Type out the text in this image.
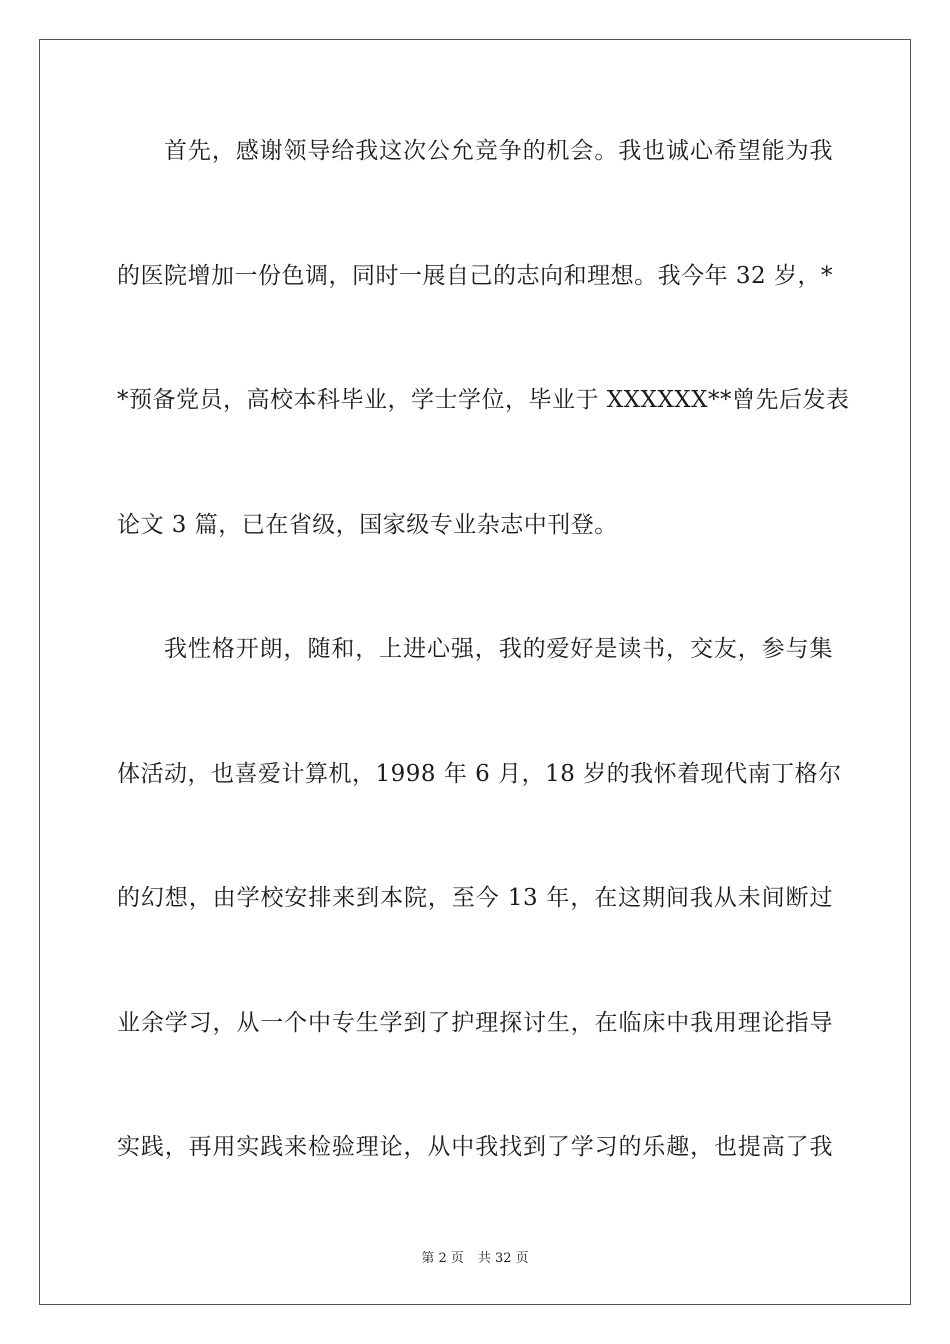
首先，感谢领导给我这次公允竞争的机会。我也诚心希望能为我
的医院增加一份色调，同时一展自己的志向和理想。我今年 32 岁，*
*预备党员，高校本科毕业，学士学位，毕业于 XXXXXX**曾先后发表
论文 3 篇，已在省级，国家级专业杂志中刊登。
我性格开朗，随和，上进心强，我的爱好是读书，交友，参与集
体活动，也喜爱计算机，1998 年 6 月，18 岁的我怀着现代南丁格尔
的幻想，由学校安排来到本院，至今 13 年，在这期间我从未间断过
业余学习，从一个中专生学到了护理探讨生，在临床中我用理论指导
实践，再用实践来检验理论，从中我找到了学习的乐趣，也提高了我
第 2 页 共 32 页
